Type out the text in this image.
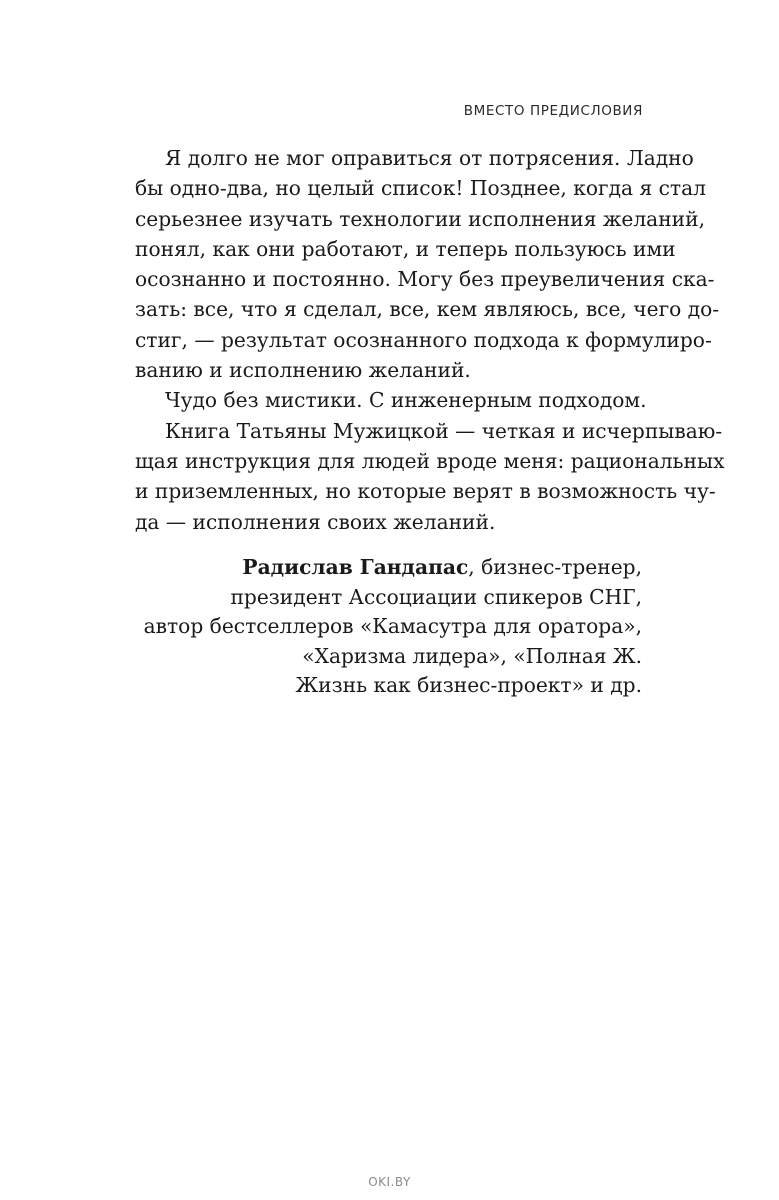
ВМЕСТО ПРЕДИСЛОВИЯ
Я долго не мог оправиться от потрясения. Ладно
бы одно-два, но целый список! Позднее, когда я стал
серьезнее изучать технологии исполнения желаний,
понял, как они работают, и теперь пользуюсь ими
осознанно и постоянно. Могу без преувеличения ска-
зать: все, что я сделал, все, кем являюсь, все, чего до-
стиг, — результат осознанного подхода к формулиро-
ванию и исполнению желаний.
Чудо без мистики. С инженерным подходом.
Книга Татьяны Мужицкой — четкая и исчерпываю-
щая инструкция для людей вроде меня: рациональных
и приземленных, но которые верят в возможность чу-
да — исполнения своих желаний.
Радислав Гандапас, бизнес-тренер,
президент Ассоциации спикеров СНГ,
автор бестселлеров «Камасутра для оратора»,
«Харизма лидера», «Полная Ж.
Жизнь как бизнес-проект» и др.
OKI.BY
